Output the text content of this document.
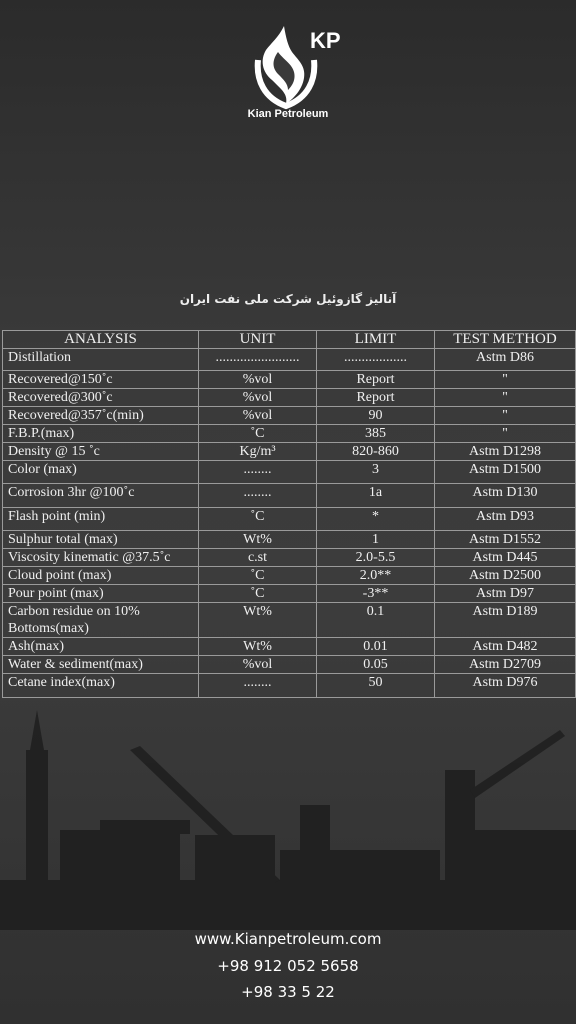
KP
Kian Petroleum
آنالیز گازوئیل شرکت ملی نفت ایران
ANALYSIS	UNIT	LIMIT	TEST METHOD
Distillation	........................	..................	Astm D86
Recovered@150˚c	%vol	Report	"
Recovered@300˚c	%vol	Report	"
Recovered@357˚c(min)	%vol	90	"
F.B.P.(max)	˚C	385	"
Density @ 15 ˚c	Kg/m³	820-860	Astm D1298
Color (max)	........	3	Astm D1500
Corrosion 3hr @100˚c	........	1a	Astm D130
Flash point (min)	˚C	*	Astm D93
Sulphur total (max)	Wt%	1	Astm D1552
Viscosity kinematic @37.5˚c	c.st	2.0-5.5	Astm D445
Cloud point (max)	˚C	2.0**	Astm D2500
Pour point (max)	˚C	-3**	Astm D97
Carbon residue on 10% Bottoms(max)	Wt%	0.1	Astm D189
Ash(max)	Wt%	0.01	Astm D482
Water & sediment(max)	%vol	0.05	Astm D2709
Cetane index(max)	........	50	Astm D976
www.Kianpetroleum.com
+98 912 052 5658
+98 33 5 22
